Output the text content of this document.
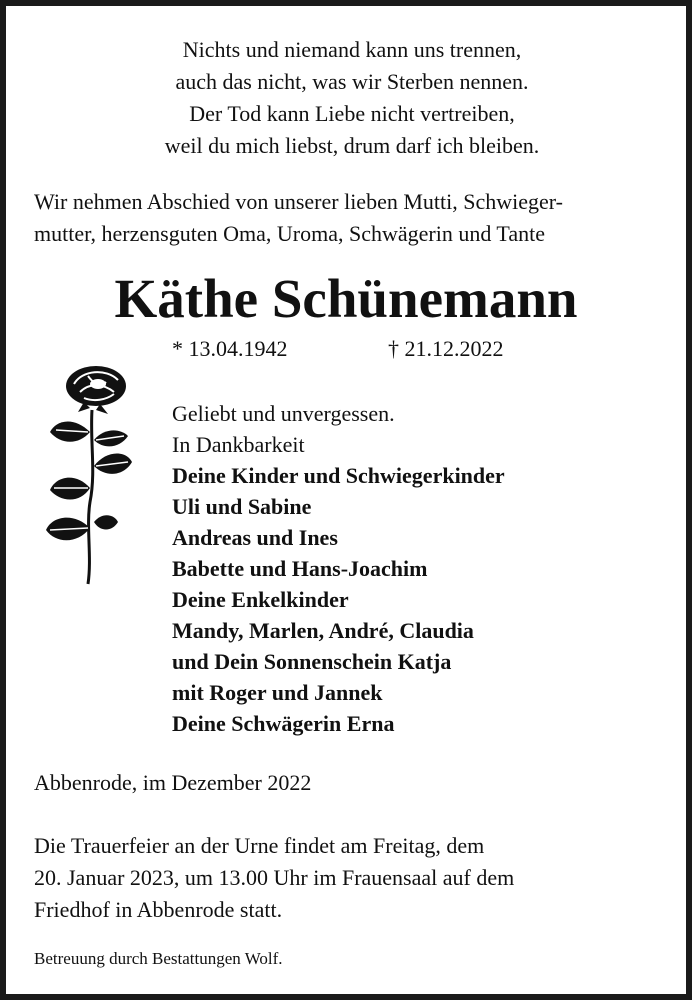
Nichts und niemand kann uns trennen,
auch das nicht, was wir Sterben nennen.
Der Tod kann Liebe nicht vertreiben,
weil du mich liebst, drum darf ich bleiben.
Wir nehmen Abschied von unserer lieben Mutti, Schwieger-
mutter, herzensguten Oma, Uroma, Schwägerin und Tante
Käthe Schünemann
* 13.04.1942	† 21.12.2022
Geliebt und unvergessen.
In Dankbarkeit
Deine Kinder und Schwiegerkinder
Uli und Sabine
Andreas und Ines
Babette und Hans-Joachim
Deine Enkelkinder
Mandy, Marlen, André, Claudia
und Dein Sonnenschein Katja
mit Roger und Jannek
Deine Schwägerin Erna
Abbenrode, im Dezember 2022
Die Trauerfeier an der Urne findet am Freitag, dem
20. Januar 2023, um 13.00 Uhr im Frauensaal auf dem
Friedhof in Abbenrode statt.
Betreuung durch Bestattungen Wolf.
